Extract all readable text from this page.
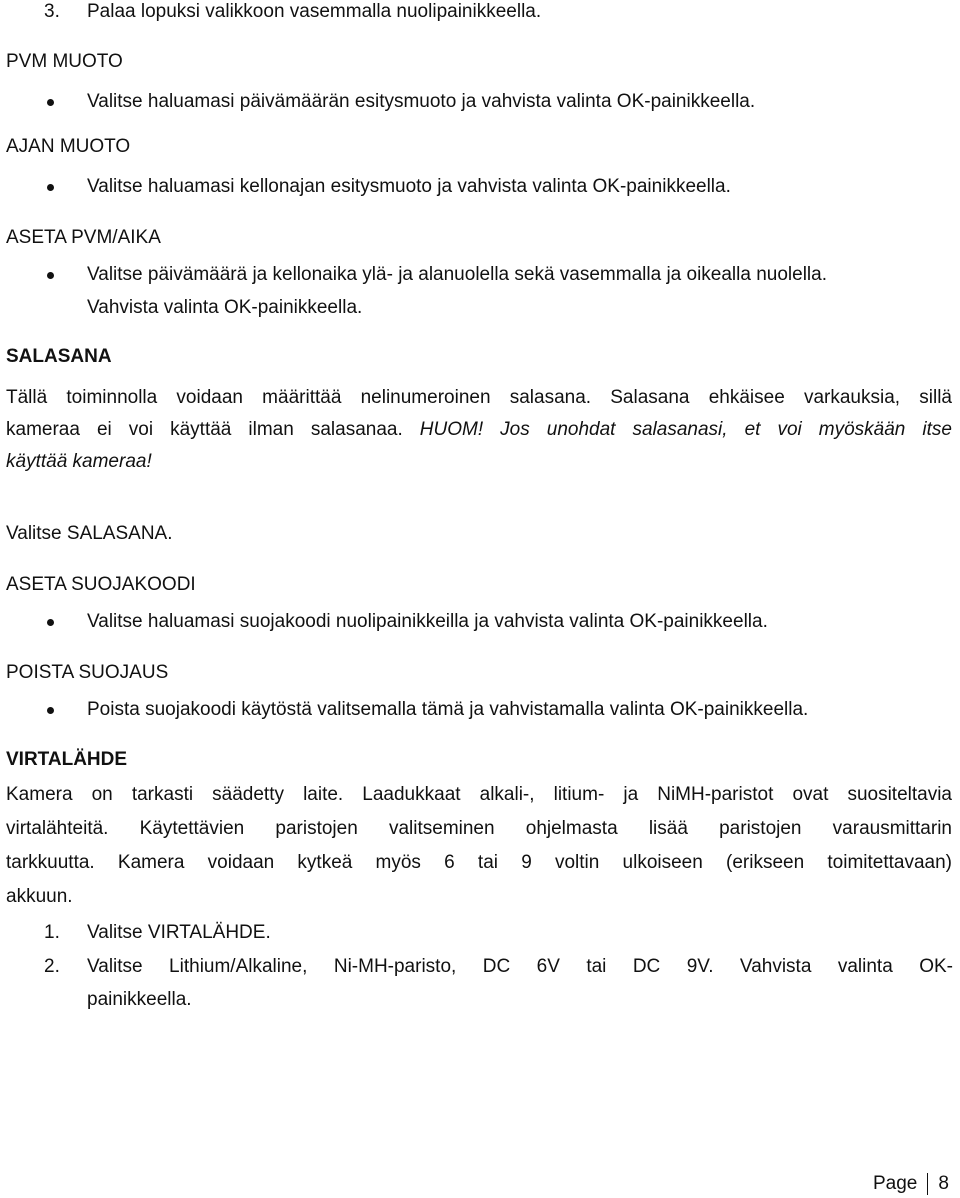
3. Palaa lopuksi valikkoon vasemmalla nuolipainikkeella.
PVM MUOTO
Valitse haluamasi päivämäärän esitysmuoto ja vahvista valinta OK-painikkeella.
AJAN MUOTO
Valitse haluamasi kellonajan esitysmuoto ja vahvista valinta OK-painikkeella.
ASETA PVM/AIKA
Valitse päivämäärä ja kellonaika ylä- ja alanuolella sekä vasemmalla ja oikealla nuolella.
Vahvista valinta OK-painikkeella.
SALASANA
Tällä toiminnolla voidaan määrittää nelinumeroinen salasana. Salasana ehkäisee varkauksia, sillä
kameraa ei voi käyttää ilman salasanaa. HUOM! Jos unohdat salasanasi, et voi myöskään itse
käyttää kameraa!
Valitse SALASANA.
ASETA SUOJAKOODI
Valitse haluamasi suojakoodi nuolipainikkeilla ja vahvista valinta OK-painikkeella.
POISTA SUOJAUS
Poista suojakoodi käytöstä valitsemalla tämä ja vahvistamalla valinta OK-painikkeella.
VIRTALÄHDE
Kamera on tarkasti säädetty laite. Laadukkaat alkali-, litium- ja NiMH-paristot ovat suositeltavia
virtalähteitä. Käytettävien paristojen valitseminen ohjelmasta lisää paristojen varausmittarin
tarkkuutta. Kamera voidaan kytkeä myös 6 tai 9 voltin ulkoiseen (erikseen toimitettavaan)
akkuun.
1. Valitse VIRTALÄHDE.
2. Valitse Lithium/Alkaline, Ni-MH-paristo, DC 6V tai DC 9V. Vahvista valinta OK-
painikkeella.
Page 8
